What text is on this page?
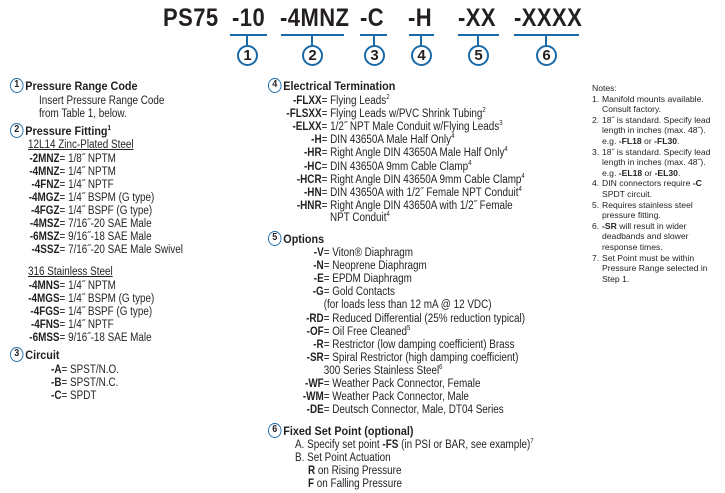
PS75 -10 -4MNZ -C -H -XX -XXXX
1	2	3	4	5	6
1 Pressure Range Code
Insert Pressure Range Code
from Table 1, below.
2 Pressure Fitting$^1$
12L14 Zinc-Plated Steel
-2MNZ= 1/8˝ NPTM
-4MNZ= 1/4˝ NPTM
-4FNZ= 1/4˝ NPTF
-4MGZ= 1/4˝ BSPM (G type)
-4FGZ= 1/4˝ BSPF (G type)
-4MSZ= 7/16˝-20 SAE Male
-6MSZ= 9/16˝-18 SAE Male
-4SSZ= 7/16˝-20 SAE Male Swivel
316 Stainless Steel
-4MNS= 1/4˝ NPTM
-4MGS= 1/4˝ BSPM (G type)
-4FGS= 1/4˝ BSPF (G type)
-4FNS= 1/4˝ NPTF
-6MSS= 9/16˝-18 SAE Male
3 Circuit
-A= SPST/N.O.
-B= SPST/N.C.
-C= SPDT
4 Electrical Termination
-FLXX= Flying Leads$^2$
-FLSXX= Flying Leads w/PVC Shrink Tubing$^2$
-ELXX= 1/2˝ NPT Male Conduit w/Flying Leads$^3$
-H= DIN 43650A Male Half Only$^4$
-HR= Right Angle DIN 43650A Male Half Only$^4$
-HC= DIN 43650A 9mm Cable Clamp$^4$
-HCR= Right Angle DIN 43650A 9mm Cable Clamp$^4$
-HN= DIN 43650A with 1/2˝ Female NPT Conduit$^4$
-HNR= Right Angle DIN 43650A with 1/2˝ Female
NPT Conduit$^4$
5 Options
-V= Viton® Diaphragm
-N= Neoprene Diaphragm
-E= EPDM Diaphragm
-G= Gold Contacts
(for loads less than 12 mA @ 12 VDC)
-RD= Reduced Differential (25% reduction typical)
-OF= Oil Free Cleaned$^5$
-R= Restrictor (low damping coefficient) Brass
-SR= Spiral Restrictor (high damping coefficient)
300 Series Stainless Steel$^6$
-WF= Weather Pack Connector, Female
-WM= Weather Pack Connector, Male
-DE= Deutsch Connector, Male, DT04 Series
6 Fixed Set Point (optional)
A. Specify set point -FS (in PSI or BAR, see example)$^7$
B. Set Point Actuation
R on Rising Pressure
F on Falling Pressure
Notes:
1. Manifold mounts available. Consult factory.
2. 18˝ is standard. Specify lead length in inches (max. 48˝). e.g. -FL18 or -FL30.
3. 18˝ is standard. Specify lead length in inches (max. 48˝). e.g. -EL18 or -EL30.
4. DIN connectors require -C SPDT circuit.
5. Requires stainless steel pressure fitting.
6. -SR will result in wider deadbands and slower response times.
7. Set Point must be within Pressure Range selected in Step 1.
